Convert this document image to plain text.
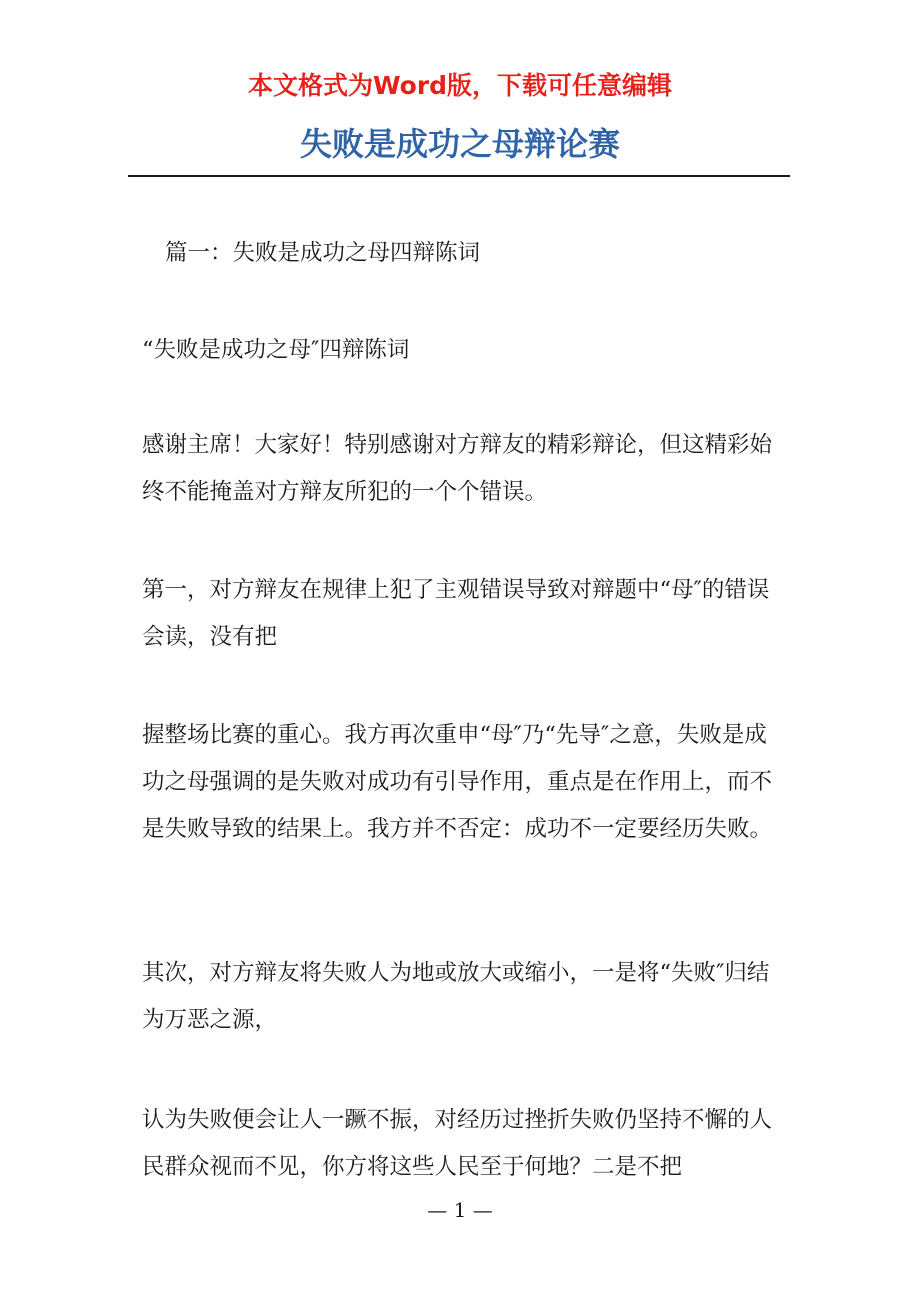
本文格式为Word版，下载可任意编辑
失败是成功之母辩论赛
篇一：失败是成功之母四辩陈词
“失败是成功之母″四辩陈词
感谢主席！大家好！特别感谢对方辩友的精彩辩论，但这精彩始终不能掩盖对方辩友所犯的一个个错误。
第一，对方辩友在规律上犯了主观错误导致对辩题中“母″的错误会读，没有把
握整场比赛的重心。我方再次重申“母″乃“先导″之意，失败是成功之母强调的是失败对成功有引导作用，重点是在作用上，而不是失败导致的结果上。我方并不否定：成功不一定要经历失败。
其次，对方辩友将失败人为地或放大或缩小，一是将“失败″归结为万恶之源，
认为失败便会让人一蹶不振，对经历过挫折失败仍坚持不懈的人民群众视而不见，你方将这些人民至于何地？二是不把
— 1 —
